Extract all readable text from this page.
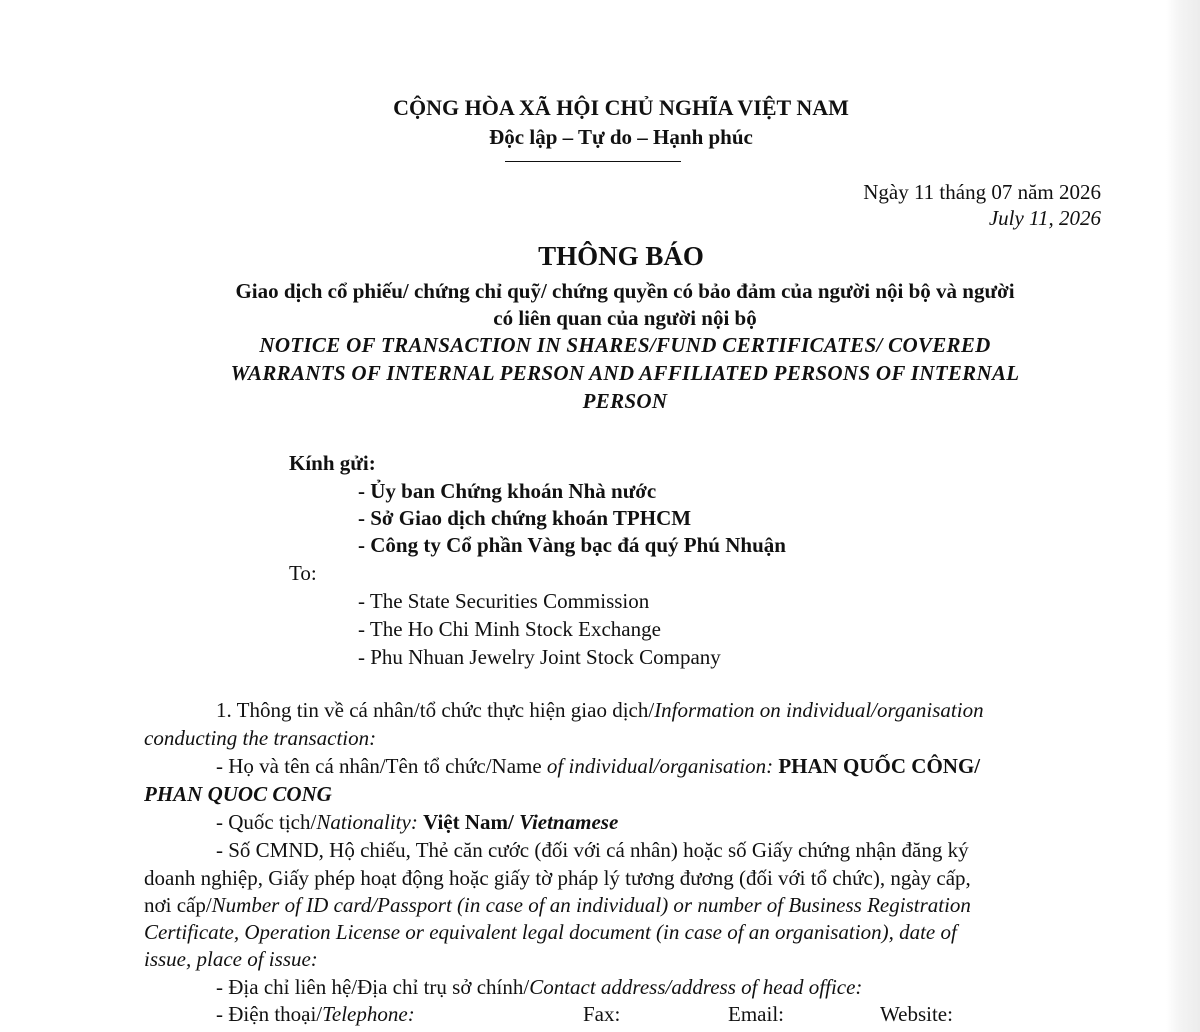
CỘNG HÒA XÃ HỘI CHỦ NGHĨA VIỆT NAM
Độc lập – Tự do – Hạnh phúc
Ngày 11 tháng 07 năm 2026
July 11, 2026
THÔNG BÁO
Giao dịch cổ phiếu/ chứng chỉ quỹ/ chứng quyền có bảo đảm của người nội bộ và người
có liên quan của người nội bộ
NOTICE OF TRANSACTION IN SHARES/FUND CERTIFICATES/ COVERED
WARRANTS OF INTERNAL PERSON AND AFFILIATED PERSONS OF INTERNAL
PERSON
Kính gửi:
- Ủy ban Chứng khoán Nhà nước
- Sở Giao dịch chứng khoán TPHCM
- Công ty Cổ phần Vàng bạc đá quý Phú Nhuận
To:
- The State Securities Commission
- The Ho Chi Minh Stock Exchange
- Phu Nhuan Jewelry Joint Stock Company
1. Thông tin về cá nhân/tổ chức thực hiện giao dịch/Information on individual/organisation
conducting the transaction:
- Họ và tên cá nhân/Tên tổ chức/Name of individual/organisation: PHAN QUỐC CÔNG/
PHAN QUOC CONG
- Quốc tịch/Nationality: Việt Nam/ Vietnamese
- Số CMND, Hộ chiếu, Thẻ căn cước (đối với cá nhân) hoặc số Giấy chứng nhận đăng ký
doanh nghiệp, Giấy phép hoạt động hoặc giấy tờ pháp lý tương đương (đối với tổ chức), ngày cấp,
nơi cấp/Number of ID card/Passport (in case of an individual) or number of Business Registration
Certificate, Operation License or equivalent legal document (in case of an organisation), date of
issue, place of issue:
- Địa chỉ liên hệ/Địa chỉ trụ sở chính/Contact address/address of head office:
- Điện thoại/Telephone:	Fax:	Email:	Website:
